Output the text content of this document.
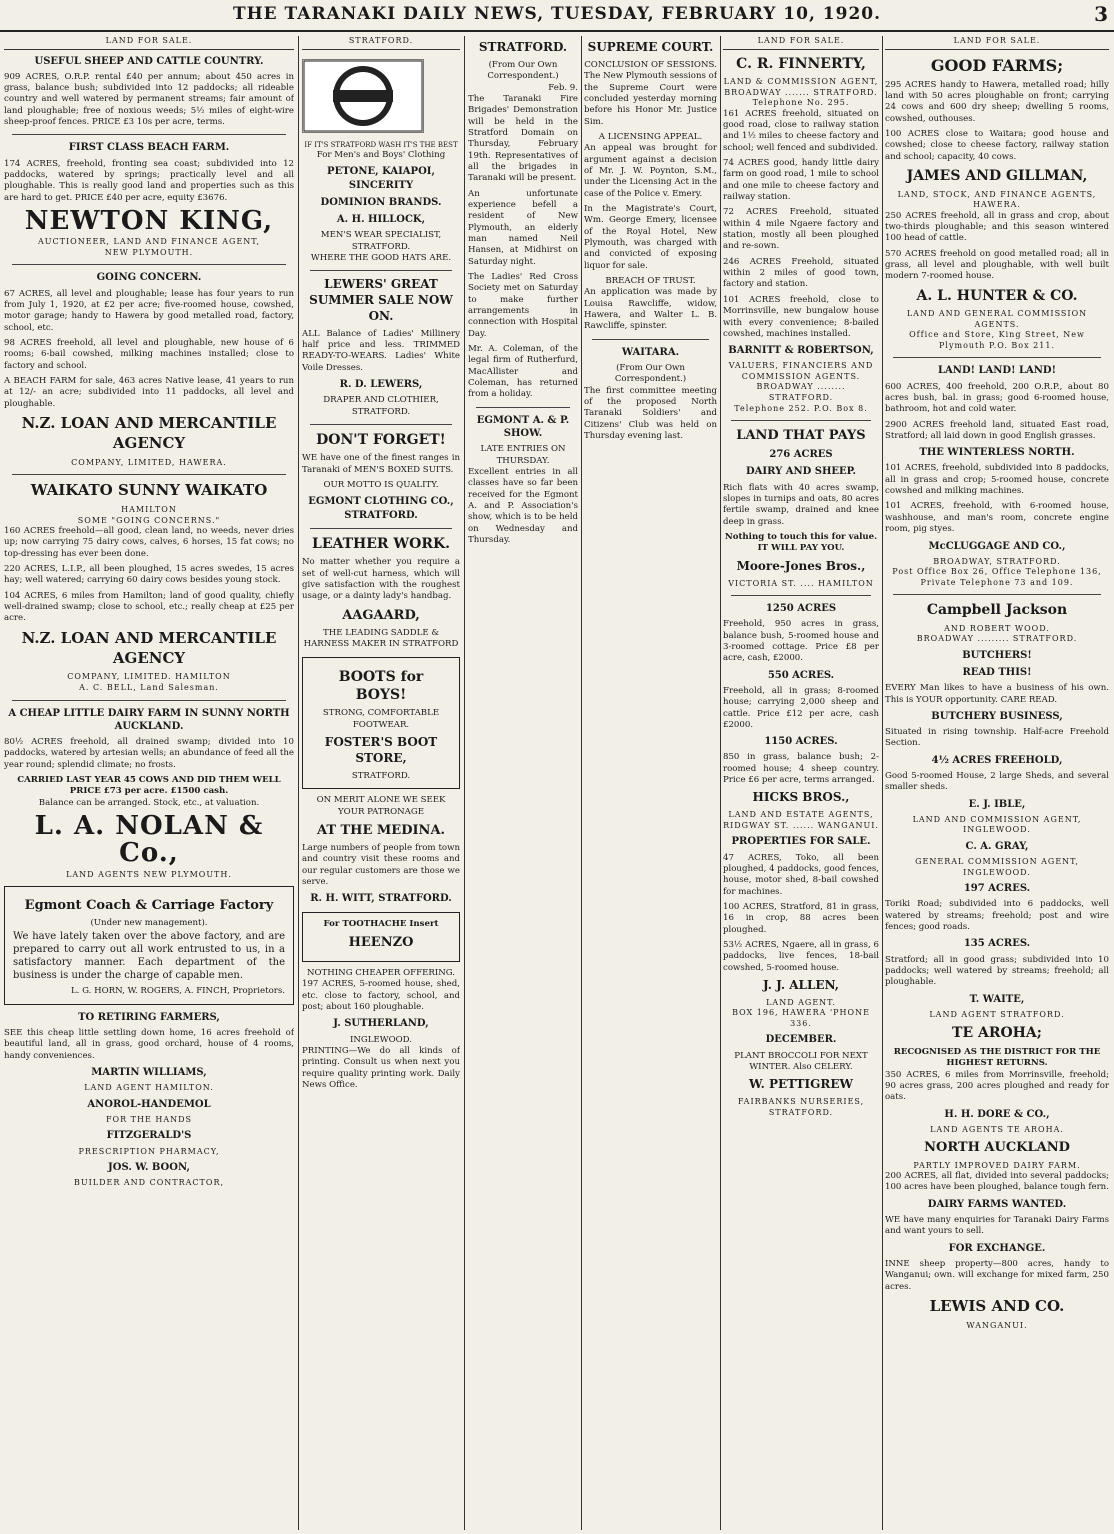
THE TARANAKI DAILY NEWS, TUESDAY, FEBRUARY 10, 1920.	3
LAND FOR SALE.
USEFUL SHEEP AND CATTLE COUNTRY.

909 ACRES, O.R.P. rental £40 per annum; about 450 acres in grass, balance bush; subdivided into 12 paddocks; all rideable country and well watered by permanent streams; fair amount of land ploughable; free of noxious weeds; 5½ miles of eight-wire sheep-proof fences. PRICE £3 10s per acre, terms.

FIRST CLASS BEACH FARM.

174 ACRES, freehold, fronting sea coast; subdivided into 12 paddocks, watered by springs; practically level and all ploughable. This is really good land and properties such as this are hard to get. PRICE £40 per acre, equity £3676.

NEWTON KING,
AUCTIONEER, LAND AND FINANCE AGENT,
NEW PLYMOUTH.
GOING CONCERN.

67 ACRES, all level and ploughable; lease has four years to run from July 1, 1920, at £2 per acre; five-roomed house, cowshed, motor garage; handy to Hawera by good metalled road, factory, school, etc.

98 ACRES freehold, all level and ploughable, new house of 6 rooms; 6-bail cowshed, milking machines installed; close to factory and school.

A BEACH FARM for sale, 463 acres Native lease, 41 years to run at 12/- an acre; subdivided into 11 paddocks, all level and ploughable.

N.Z. LOAN AND MERCANTILE AGENCY
COMPANY, LIMITED, HAWERA.
WAIKATO SUNNY WAIKATO
HAMILTON
SOME "GOING CONCERNS."

160 ACRES freehold—all good, clean land, no weeds, never dries up; now carrying 75 dairy cows, calves, 6 horses, 15 fat cows; no top-dressing has ever been done.

220 ACRES, L.I.P., all been ploughed, 15 acres swedes, 15 acres hay; well watered; carrying 60 dairy cows besides young stock.

104 ACRES, 6 miles from Hamilton; land of good quality, chiefly well-drained swamp; close to school, etc.; really cheap at £25 per acre.

N.Z. LOAN AND MERCANTILE AGENCY
COMPANY, LIMITED. HAMILTON
A. C. BELL, Land Salesman.
A CHEAP LITTLE DAIRY FARM IN SUNNY NORTH AUCKLAND.

80½ ACRES freehold, all drained swamp; divided into 10 paddocks, watered by artesian wells; an abundance of feed all the year round; splendid climate; no frosts.

CARRIED LAST YEAR 45 COWS AND DID THEM WELL
PRICE £73 per acre. £1500 cash.
Balance can be arranged. Stock, etc., at valuation.
L. A. NOLAN & Co.,
LAND AGENTS NEW PLYMOUTH.
Egmont Coach & Carriage Factory
(Under new management).

We have lately taken over the above factory, and are prepared to carry out all work entrusted to us, in a satisfactory manner. Each department of the business is under the charge of capable men.

L. G. HORN, W. ROGERS, A. FINCH, Proprietors.
TO RETIRING FARMERS,

SEE this cheap little settling down home, 16 acres freehold of beautiful land, all in grass, good orchard, house of 4 rooms, handy conveniences.

MARTIN WILLIAMS,
LAND AGENT HAMILTON.
ANOROL-HANDEMOL
FOR THE HANDS
FITZGERALD'S
PRESCRIPTION PHARMACY,
JOS. W. BOON,
BUILDER AND CONTRACTOR,
STRATFORD.
IF IT'S STRATFORD WASH IT'S THE BEST
For Men's and Boys' Clothing
PETONE, KAIAPOI, SINCERITY
DOMINION BRANDS.
A. H. HILLOCK,
MEN'S WEAR SPECIALIST, STRATFORD.
WHERE THE GOOD HATS ARE.
LEWERS' GREAT SUMMER SALE NOW ON.

ALL Balance of Ladies' Millinery half price and less. TRIMMED READY-TO-WEARS. Ladies' White Voile Dresses.

R. D. LEWERS,
DRAPER AND CLOTHIER, STRATFORD.
DON'T FORGET!

WE have one of the finest ranges in Taranaki of MEN'S BOXED SUITS.

OUR MOTTO IS QUALITY.
EGMONT CLOTHING CO., STRATFORD.
LEATHER WORK.

No matter whether you require a set of well-cut harness, which will give satisfaction with the roughest usage, or a dainty lady's handbag.

AAGAARD,
THE LEADING SADDLE & HARNESS MAKER IN STRATFORD
BOOTS for BOYS!
STRONG, COMFORTABLE FOOTWEAR.
FOSTER'S BOOT STORE,
STRATFORD.
ON MERIT ALONE WE SEEK YOUR PATRONAGE
AT THE MEDINA.

Large numbers of people from town and country visit these rooms and our regular customers are those we serve.

R. H. WITT, STRATFORD.
For TOOTHACHE Insert
HEENZO
NOTHING CHEAPER OFFERING.

197 ACRES, 5-roomed house, shed, etc. close to factory, school, and post; about 160 ploughable.

J. SUTHERLAND,
INGLEWOOD.

PRINTING—We do all kinds of printing. Consult us when next you require quality printing work. Daily News Office.

STRATFORD.
(From Our Own Correspondent.)
Feb. 9.

The Taranaki Fire Brigades' Demonstration will be held in the Stratford Domain on Thursday, February 19th. Representatives of all the brigades in Taranaki will be present.

An unfortunate experience befell a resident of New Plymouth, an elderly man named Neil Hansen, at Midhirst on Saturday night.

The Ladies' Red Cross Society met on Saturday to make further arrangements in connection with Hospital Day.

Mr. A. Coleman, of the legal firm of Rutherfurd, MacAllister and Coleman, has returned from a holiday.

EGMONT A. & P. SHOW.
LATE ENTRIES ON THURSDAY.

Excellent entries in all classes have so far been received for the Egmont A. and P. Association's show, which is to be held on Wednesday and Thursday.

SUPREME COURT.
CONCLUSION OF SESSIONS.

The New Plymouth sessions of the Supreme Court were concluded yesterday morning before his Honor Mr. Justice Sim.

A LICENSING APPEAL.

An appeal was brought for argument against a decision of Mr. J. W. Poynton, S.M., under the Licensing Act in the case of the Police v. Emery.

In the Magistrate's Court, Wm. George Emery, licensee of the Royal Hotel, New Plymouth, was charged with and convicted of exposing liquor for sale.

BREACH OF TRUST.

An application was made by Louisa Rawcliffe, widow, Hawera, and Walter L. B. Rawcliffe, spinster.

WAITARA.
(From Our Own Correspondent.)

The first committee meeting of the proposed North Taranaki Soldiers' and Citizens' Club was held on Thursday evening last.

LAND FOR SALE.
C. R. FINNERTY,
LAND & COMMISSION AGENT,
BROADWAY ....... STRATFORD.
Telephone No. 295.

161 ACRES freehold, situated on good road, close to railway station and 1½ miles to cheese factory and school; well fenced and subdivided.

74 ACRES good, handy little dairy farm on good road, 1 mile to school and one mile to cheese factory and railway station.

72 ACRES Freehold, situated within 4 mile Ngaere factory and station, mostly all been ploughed and re-sown.

246 ACRES Freehold, situated within 2 miles of good town, factory and station.

101 ACRES freehold, close to Morrinsville, new bungalow house with every convenience; 8-bailed cowshed, machines installed.

BARNITT & ROBERTSON,
VALUERS, FINANCIERS AND COMMISSION AGENTS.
BROADWAY ........ STRATFORD.
Telephone 252. P.O. Box 8.
LAND THAT PAYS
276 ACRES
DAIRY AND SHEEP.

Rich flats with 40 acres swamp, slopes in turnips and oats, 80 acres fertile swamp, drained and knee deep in grass.

Nothing to touch this for value.
IT WILL PAY YOU.
Moore-Jones Bros.,
VICTORIA ST. .... HAMILTON
1250 ACRES

Freehold, 950 acres in grass, balance bush, 5-roomed house and 3-roomed cottage. Price £8 per acre, cash, £2000.

550 ACRES.

Freehold, all in grass; 8-roomed house; carrying 2,000 sheep and cattle. Price £12 per acre, cash £2000.

1150 ACRES.

850 in grass, balance bush; 2-roomed house; 4 sheep country. Price £6 per acre, terms arranged.

HICKS BROS.,
LAND AND ESTATE AGENTS,
RIDGWAY ST. ...... WANGANUI.
PROPERTIES FOR SALE.

47 ACRES, Toko, all been ploughed, 4 paddocks, good fences, house, motor shed, 8-bail cowshed for machines.

100 ACRES, Stratford, 81 in grass, 16 in crop, 88 acres been ploughed.

53½ ACRES, Ngaere, all in grass, 6 paddocks, live fences, 18-bail cowshed, 5-roomed house.

J. J. ALLEN,
LAND AGENT.
BOX 196, HAWERA 'PHONE 336.
DECEMBER.
PLANT BROCCOLI FOR NEXT WINTER. Also CELERY.
W. PETTIGREW
FAIRBANKS NURSERIES, STRATFORD.
LAND FOR SALE.
GOOD FARMS;

295 ACRES handy to Hawera, metalled road; hilly land with 50 acres ploughable on front; carrying 24 cows and 600 dry sheep; dwelling 5 rooms, cowshed, outhouses.

100 ACRES close to Waitara; good house and cowshed; close to cheese factory, railway station and school; capacity, 40 cows.

JAMES AND GILLMAN,
LAND, STOCK, AND FINANCE AGENTS, HAWERA.

250 ACRES freehold, all in grass and crop, about two-thirds ploughable; and this season wintered 100 head of cattle.

570 ACRES freehold on good metalled road; all in grass, all level and ploughable, with well built modern 7-roomed house.

A. L. HUNTER & CO.
LAND AND GENERAL COMMISSION AGENTS.
Office and Store, King Street, New Plymouth P.O. Box 211.
LAND! LAND! LAND!

600 ACRES, 400 freehold, 200 O.R.P., about 80 acres bush, bal. in grass; good 6-roomed house, bathroom, hot and cold water.

2900 ACRES freehold land, situated East road, Stratford; all laid down in good English grasses.

THE WINTERLESS NORTH.

101 ACRES, freehold, subdivided into 8 paddocks, all in grass and crop; 5-roomed house, concrete cowshed and milking machines.

101 ACRES, freehold, with 6-roomed house, washhouse, and man's room, concrete engine room, pig styes.

McCLUGGAGE AND CO.,
BROADWAY, STRATFORD.
Post Office Box 26, Office Telephone 136, Private Telephone 73 and 109.
Campbell Jackson
AND ROBERT WOOD.
BROADWAY ......... STRATFORD.
BUTCHERS!
READ THIS!

EVERY Man likes to have a business of his own. This is YOUR opportunity. CARE READ.

BUTCHERY BUSINESS,

Situated in rising township. Half-acre Freehold Section.

4½ ACRES FREEHOLD,

Good 5-roomed House, 2 large Sheds, and several smaller sheds.

E. J. IBLE,
LAND AND COMMISSION AGENT, INGLEWOOD.
C. A. GRAY,
GENERAL COMMISSION AGENT, INGLEWOOD.
197 ACRES.

Toriki Road; subdivided into 6 paddocks, well watered by streams; freehold; post and wire fences; good roads.

135 ACRES.

Stratford; all in good grass; subdivided into 10 paddocks; well watered by streams; freehold; all ploughable.

T. WAITE,
LAND AGENT STRATFORD.
TE AROHA;
RECOGNISED AS THE DISTRICT FOR THE HIGHEST RETURNS.

350 ACRES, 6 miles from Morrinsville, freehold; 90 acres grass, 200 acres ploughed and ready for oats.

H. H. DORE & CO.,
LAND AGENTS TE AROHA.
NORTH AUCKLAND
PARTLY IMPROVED DAIRY FARM.

200 ACRES, all flat, divided into several paddocks; 100 acres have been ploughed, balance tough fern.

DAIRY FARMS WANTED.

WE have many enquiries for Taranaki Dairy Farms and want yours to sell.

FOR EXCHANGE.

INNE sheep property—800 acres, handy to Wanganui; own. will exchange for mixed farm, 250 acres.

LEWIS AND CO.
WANGANUI.
